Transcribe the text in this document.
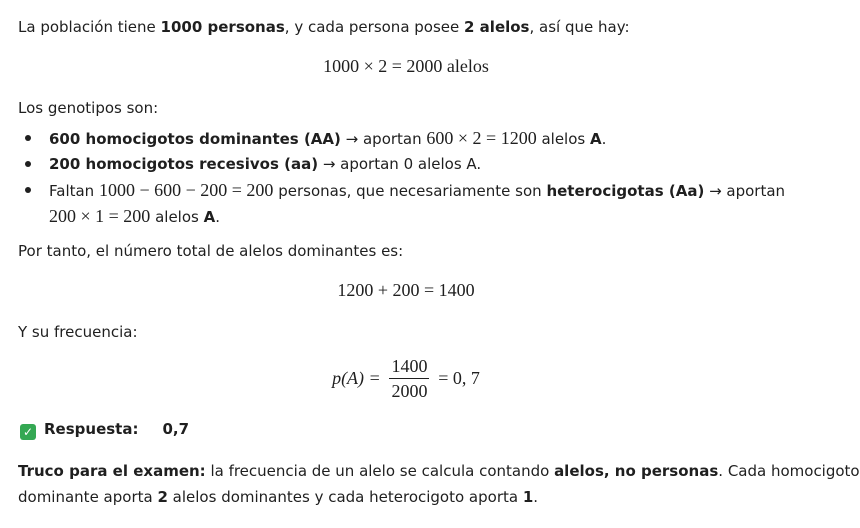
La población tiene 1000 personas, y cada persona posee 2 alelos, así que hay:
1000 × 2 = 2000 alelos
Los genotipos son:
600 homocigotos dominantes (AA) → aportan 600 × 2 = 1200 alelos A.
200 homocigotos recesivos (aa) → aportan 0 alelos A.
Faltan 1000 − 600 − 200 = 200 personas, que necesariamente son heterocigotas (Aa) → aportan
200 × 1 = 200 alelos A.
Por tanto, el número total de alelos dominantes es:
1200 + 200 = 1400
Y su frecuencia:
$p(A) = \frac{1400}{2000} = 0$, 7
✓ Respuesta: 0,7
Truco para el examen: la frecuencia de un alelo se calcula contando alelos, no personas. Cada homocigoto
dominante aporta 2 alelos dominantes y cada heterocigoto aporta 1.
